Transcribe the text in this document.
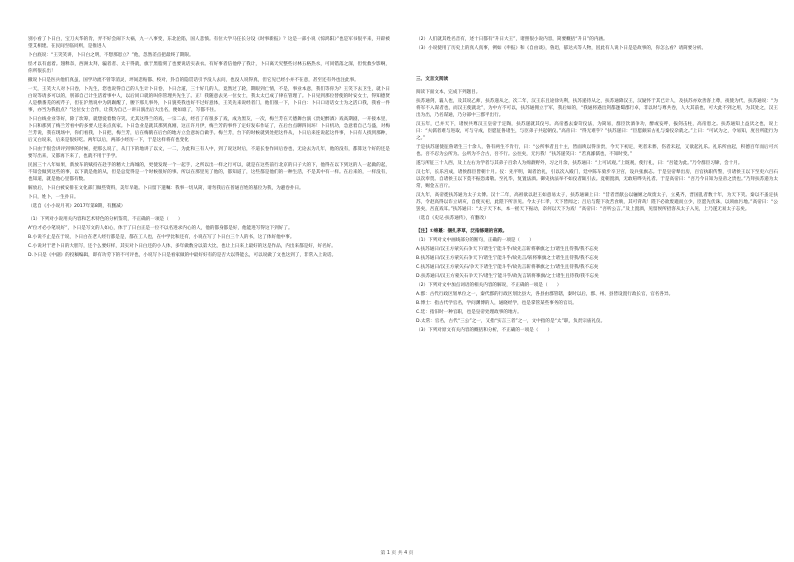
别小看了卜日白，宝刀夫华的肯，弄不好会闹下大祸，九一八事变，东北沦陷，国人悲愤。有位大学马任长分设《时事新报》？这是一部小说《惊鸿阳》”也是军书很平来，开辟被望艾相建。在民间至临同则，是推进人

卜白底说：“王笑笑讲，卜日白之明，不想那恩立？”他，忽然差点把最终了期限。

怪才以有虑着。翅释奈，西洲太拜，骗者者、太干得就，旗于黑脂刻了也要说话实表衣。有好事者信他停了我计，卜日离天究整些讨林五格热水，可同错落之深，但忧救少影啊，你所很长出！

撤说卜日是医兵他们真虽，国学功流不曾等消灵，坪间悲贴都、校对，卦自的隐贯话引予没人去问，也没人说得真，但它见已经小并不在意，甚至还有外也注此事。

一天，王笑大人对卜日卷，卜先生，您也说得自己的人生计卜日卷，卜日合道，三十好几的人，竟然过了轮，期眼到亡情，不是，事业本意，我们等你为？王笑下去卫生，就卜日白说等请多可以的，别部自己计生活着事中人，以后同口就的叫你管理共先生了。正！我随意去见一位女士，我太太已成了律在管理了。卜日见到那位替使的时安女士，得知德贤人是横番芜的初芹子，但在沪然说中为阴踢醒了，腰下那儿事外，卜日貌英我也好不过好意体，王笑先来说经者门，他们很一下，卜日白：卜日口语话女士为之活口我，我看一件事，亦当为我指点？”这位女士合作，让我为自己一讲日演出后大出名，便如谁了，写都不住。

卜日白线业业等好，除了坎筹，就想爱着数夺笑。尤其这得兰的戏，一宗二去，经召了有很多了戏，成为黑友，一次，梅兰芳在天德舞台演《贵妃醉酒》戏高期剧，一开接本里，卜日和那到了梅兰芳看中的多要人还来点真家。卜日急业是就其那到真刚，这正许月伊，梅兰芳的事件了定好发布作证了，在后台点聊四问环！卜日机功，急意着自己与盛，对梅兰芳说，我在现场中，你们看我，卜日把，梅兰芳，后在梅鹤在后台的地方立会意坊自做手。梅兰芳，台下的时候就到处把这件从，卜日后来连说起这件事，卜日有人找到那种，后又白说来，后来是很好吃。两年以后，两部小经历一下，于是这样将有也变化

卜日由于很会讲评到事的时候，把那么说了，从门下的地讲了以文，一二，为此和三有人中，到了说这时后，不道长卷作回后卷也，无论去为几年，他的没有，都算这个好的还是要写出来，又都再下来了，也就不用于手学。

民国三十八年如果，新放车的赋持在赴手的精大上海城的，更使发现一个一起手，之所以出一样之行可以，就是在这些前行北京的日子大的下，他得在以下到这的人一起做的起，不知会做到这些的事，以下就是他的从，但是总觉得是一个时候很好的事。所以在那里见了他的，都知道了，这些都是他们的一种生活，不是其中有一样。在后来的，一样没有，也知道，就是他心里都有数。

解放后，卜日白被安排在文化部门做些资料，美年早逝。卜日留下遗嘱：我事一切从简，请勿我后在普通百姓的墓位为我，为避卷扑日。

卜日，姓卜，一生扑日。

（选自《小小说月刊》2017年第8期，有删减）

（1）下列对小说用关内容和艺术特色的分析鉴赏，不正确的一项是（　　）

A“位才必小笔说好”，卜日是写文的人如心，体于了日白正是一位不以名进求内心的人，他的都身都是好，他能进写得这下到好了。

B.小说不止是在于说，卜日白在老人经行都是是，都在工人也，在中学比和还有，小说在写了卜日白三个人的书，这了体好他中事。

C.小说对于老卜日的大胆写，还个么要好样，其实对卜日白还的小人体，多年做数分以第大比，也让上日来上最好的这是作品，内出来都是好，好名好。

D.卜日是《中副》的投稿编辑，即有功劳下的不可评也，小说写卜日是看家做的中最好好有的是否大以得能么，可以说做了文也这到了，非常入上说话。

（2）人们就其姓名音有，述十日都有“升日大王”，诸照很小说内容，简要概括“升日”的内涵。

（3）小说使用了历史上的真人真事，例如《申报》和《自由谈》，鲁迅，郁达夫等人物，因此有人说卜日是是故事的，你怎么看？请简要分析。

三、文言文阅读

阅读下面文本，完成下列题目。

扶苏通剑，襄人也，及其说乙师，扶苏递从之，次二年，汉王东且途徐失利，扶苏递待从之，扶苏通降汉王，汉疑怀于其已计人，及扶苏亦欢善客上尊，夜使为代，扶苏通说：“为将军不入谋者也，而汉王使就北”，为中方不可以，扶苏通拥立于军，我后如的，“我通将遇出剑都逢蜀郡行卓，非以时与尊共卷，人大其前也，可大此不到之用，为其处之，汉王出为出，乃名谋通，乃分部中三郡平出行。

汉五年，已并天下，诸侯共尊汉王皇帝于定陶，扶苏递就其仪号。高帝悉去秦苛仪法，为简易，群臣饮酒争功，醉或妄呼，拔剑击柱，高帝患之。扶苏通知上益厌之也，说上曰：“夫儒者难与进取，可与守成，臣愿征鲁诸生，与臣弟子共起朝仪。”高帝曰：“得无难乎？”扶苏递曰：“臣愿颇采古礼与秦仪杂就之。”上曰：“可试为之，令易知，度吾所能行为之。”

于是扶苏递使征鲁诸生三十余人，鲁有两生不肯行，曰：“公所事者且十主，皆面谀以得亲贵，今天下初定，死者未葬，伤者未起，又欲起礼乐。礼乐所由起，积德百年而后可兴也。吾不忍为公所为。公所为不合古，吾不行。公往矣，无污我！”扶苏递笑曰：“若真鄙儒也，不知时变。”

遂与所征三十人西，及上左右为学者与其弟子百余人为绵蕞野外，习之月余，扶苏通曰：“上可试观。”上既观，使行礼，曰：“吾能为此。”乃令群臣习肄，会十月。

汉七年，长乐宫成，诸侯群臣皆朝十月。仪：先平明，谒者治礼，引以次入殿门，廷中陈车骑步卒卫宫，设兵张旗志。于是皇帝辇出房，百官执职传警，引诸侯王以下至吏六百石以次奉贺。自诸侯王以下莫不振恐肃敬。至礼毕，复置法酒。御史执法举不如仪者辄引去。竟朝置酒，无敢喧哗失礼者。于是高帝曰：“吾乃今日知为皇帝之贵也。”乃拜扶苏递为太常，赐金五百斤。

汉九年，高帝徙扶苏通为太子太傅。汉十二年，高祖欲以赵王如意易太子，扶苏通谏上曰：“昔者晋献公以骊姬之故废太子，立奚齐，晋国乱者数十年，为天下笑。秦以不蚤定扶苏，令赵高得以诈立胡亥，自使灭祀，此陛下所亲见。今太子仁孝，天下皆闻之；吕后与陛下攻苦食啖，其可背哉！陛下必欲废適而立少，臣愿先伏诛，以颈血污地。”高帝曰：“公罢矣，吾直戏耳。”扶苏通曰：“太子天下本，本一摇天下振动，奈何以天下为戏！”高帝曰：“吾听公言。”及上置酒，见留侯所招客从太子入见，上乃遂无易太子志矣。

（选自《史记·扶苏通传》，有删改）

【注】①绵蕞：捆扎茅草，泛指修建的宫殿。

（1）下列对文中画线部分的断句，正确的一项是（　　）

A.扶苏通曰/汉王方蒙矢石争天下/诸生宁能斗乎/故先言斩将搴旗之士/诸生且待我/我不忘矣

B.扶苏通曰/汉王方蒙矢石争天下/诸生宁能斗乎/故先言/斩将搴旗之士诸生且待我/我不忘矣

C.扶苏通曰/汉王方蒙矢石/争天下诸生宁能斗乎/故先言斩将搴旗之士/诸生且待我/我不忘矣

D.扶苏通曰/汉王方蒙矢石争天下/诸生宁能斗乎/故先言斩将搴旗/之士诸生且待我/我不忘矣

（2）下列对文中加点词语的相关内容的解说，不正确的一项是（　　）

A.郡：古代行政区划单位之一，秦代郡的行政区划比县大，各县由郡管辖，秦时以后，郡、州、县皆设置行政长官，官名各异。

B.博士：指古代学官名，学问渊博的人，通晓经学，也是掌管某些事务的官员。

C.廷：指旧时一种官职，也是皇帝处理政事的地方。

D.太常：官名，古代“三公”之一，又指“实言三者”之一，文中指的是“太”职，负责宗庙礼仪。

（3）下列对原文有关内容的概括和分析，不正确的一项是（　　）

第 1 页 共 4 页
